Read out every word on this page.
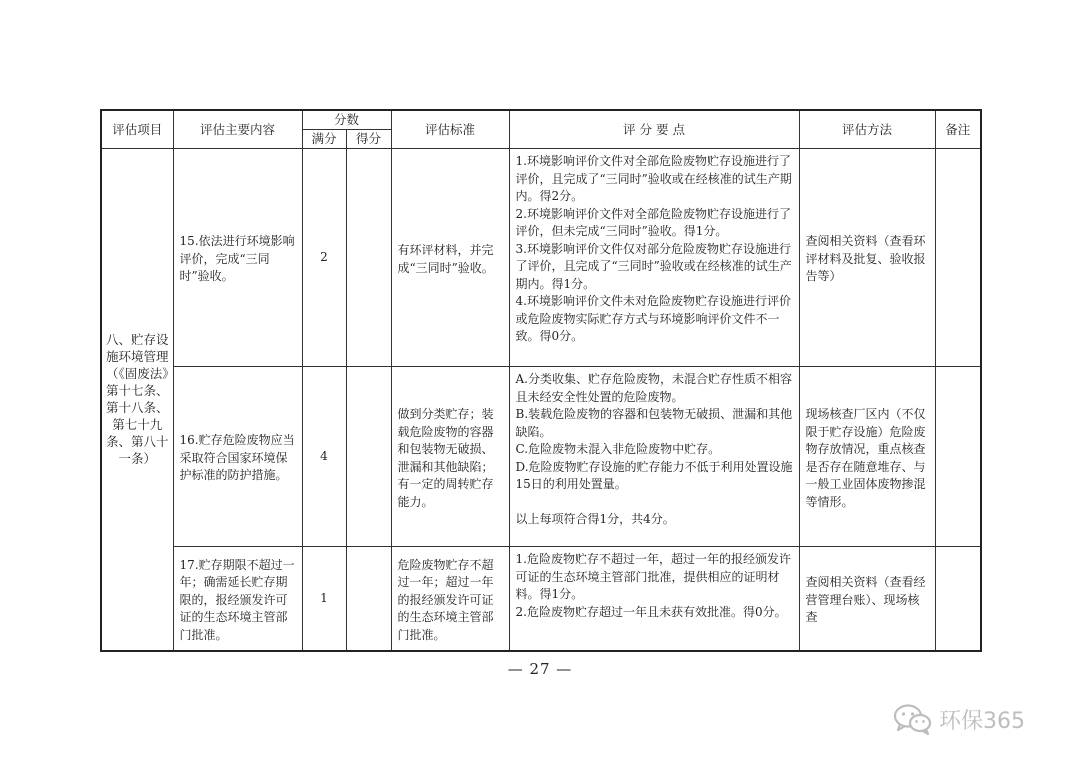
评估项目	评估主要内容	分数		评估标准	评 分 要 点	评估方法	备注
		满分	得分				
八、贮存设施环境管理（《固废法》第十七条、第十八条、第七十九条、第八十一条）	15.依法进行环境影响评价，完成“三同时”验收。	2		有环评材料，并完成“三同时”验收。	1.环境影响评价文件对全部危险废物贮存设施进行了评价，且完成了“三同时”验收或在经核准的试生产期内。得2分。

2.环境影响评价文件对全部危险废物贮存设施进行了评价，但未完成“三同时”验收。得1分。

3.环境影响评价文件仅对部分危险废物贮存设施进行了评价，且完成了“三同时”验收或在经核准的试生产期内。得1分。

4.环境影响评价文件未对危险废物贮存设施进行评价或危险废物实际贮存方式与环境影响评价文件不一致。得0分。	查阅相关资料（查看环评材料及批复、验收报告等）	
	16.贮存危险废物应当采取符合国家环境保护标准的防护措施。	4		做到分类贮存；装载危险废物的容器和包装物无破损、泄漏和其他缺陷；有一定的周转贮存能力。	A.分类收集、贮存危险废物，未混合贮存性质不相容且未经安全性处置的危险废物。

B.装载危险废物的容器和包装物无破损、泄漏和其他缺陷。

C.危险废物未混入非危险废物中贮存。

D.危险废物贮存设施的贮存能力不低于利用处置设施15日的利用处置量。

以上每项符合得1分，共4分。	现场核查厂区内（不仅限于贮存设施）危险废物存放情况，重点核查是否存在随意堆存、与一般工业固体废物掺混等情形。	
	17.贮存期限不超过一年；确需延长贮存期限的，报经颁发许可证的生态环境主管部门批准。	1		危险废物贮存不超过一年；超过一年的报经颁发许可证的生态环境主管部门批准。	1.危险废物贮存不超过一年，超过一年的报经颁发许可证的生态环境主管部门批准，提供相应的证明材料。得1分。

2.危险废物贮存超过一年且未获有效批准。得0分。	查阅相关资料（查看经营管理台账）、现场核查	
— 27 —
环保365
